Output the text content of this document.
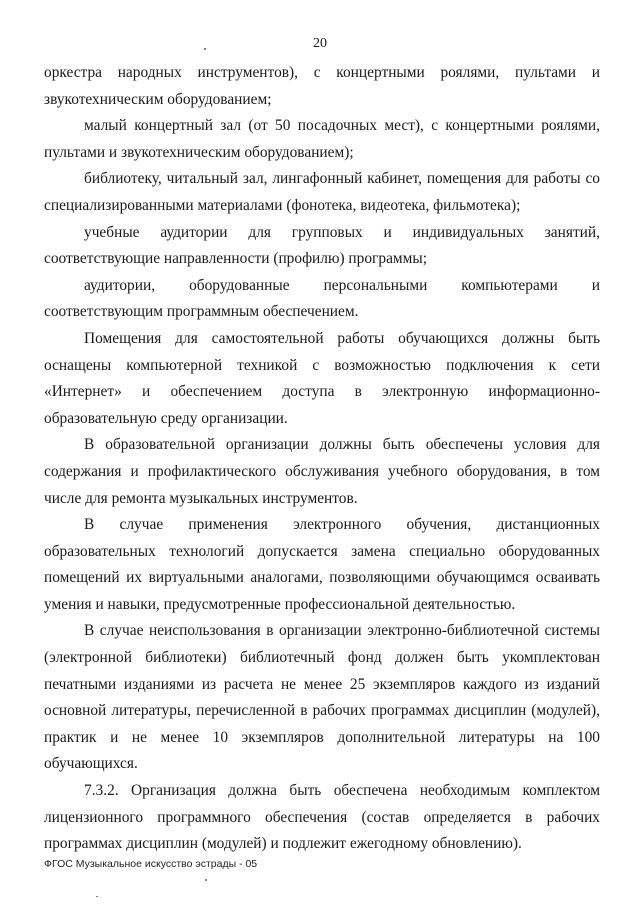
20

оркестра народных инструментов), с концертными роялями, пультами и звукотехническим оборудованием;

малый концертный зал (от 50 посадочных мест), с концертными роялями, пультами и звукотехническим оборудованием);

библиотеку, читальный зал, лингафонный кабинет, помещения для работы со специализированными материалами (фонотека, видеотека, фильмотека);

учебные аудитории для групповых и индивидуальных занятий, соответствующие направленности (профилю) программы;

аудитории, оборудованные персональными компьютерами и соответствующим программным обеспечением.

Помещения для самостоятельной работы обучающихся должны быть оснащены компьютерной техникой с возможностью подключения к сети «Интернет» и обеспечением доступа в электронную информационно-образовательную среду организации.

В образовательной организации должны быть обеспечены условия для содержания и профилактического обслуживания учебного оборудования, в том числе для ремонта музыкальных инструментов.

В случае применения электронного обучения, дистанционных образовательных технологий допускается замена специально оборудованных помещений их виртуальными аналогами, позволяющими обучающимся осваивать умения и навыки, предусмотренные профессиональной деятельностью.

В случае неиспользования в организации электронно-библиотечной системы (электронной библиотеки) библиотечный фонд должен быть укомплектован печатными изданиями из расчета не менее 25 экземпляров каждого из изданий основной литературы, перечисленной в рабочих программах дисциплин (модулей), практик и не менее 10 экземпляров дополнительной литературы на 100 обучающихся.

7.3.2. Организация должна быть обеспечена необходимым комплектом лицензионного программного обеспечения (состав определяется в рабочих программах дисциплин (модулей) и подлежит ежегодному обновлению).

ФГОС Музыкальное искусство эстрады - 05
